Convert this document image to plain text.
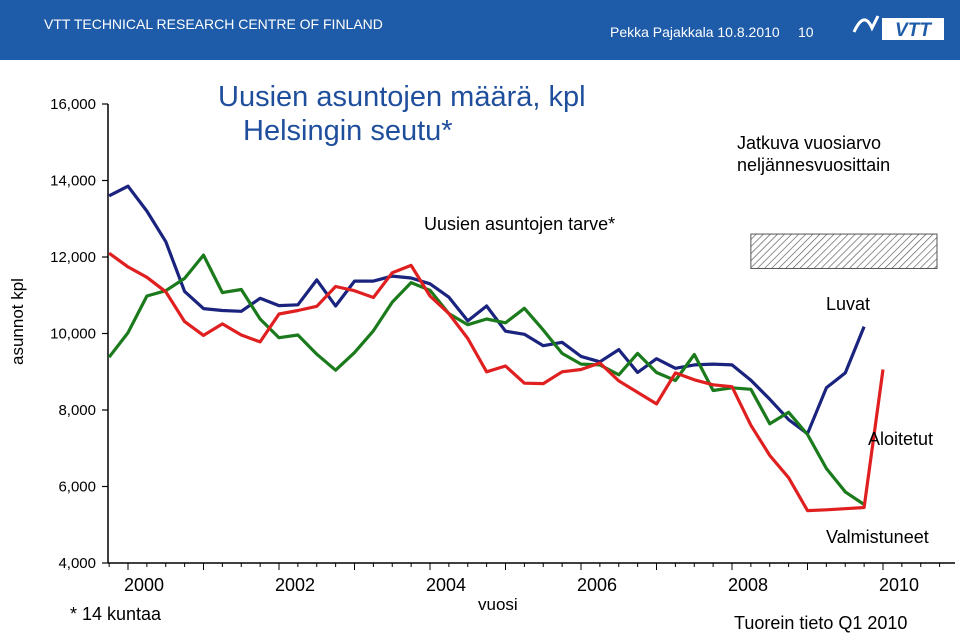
VTT TECHNICAL RESEARCH CENTRE OF FINLAND	Pekka Pajakkala 10.8.2010 10	VTT
Uusien asuntojen määrä, kpl
Helsingin seutu*	Jatkuva vuosiarvo
neljännesvuosittain
Uusien asuntojen tarve*
asunnot kpl
vuosi
* 14 kuntaa	Tuorein tieto Q1 2010
4,000
6,000
8,000
10,000
12,000
14,000
16,000
2000	2002	2004	2006	2008	2010
Luvat
Aloitetut
Valmistuneet
